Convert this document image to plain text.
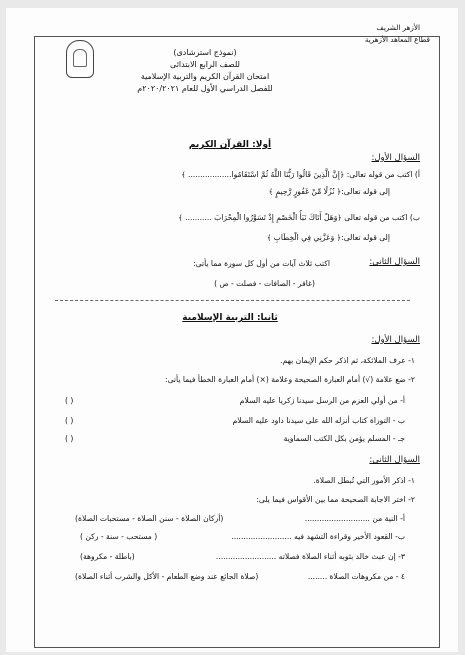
الأزهر الشريف
قطاع المعاهد الأزهرية
(نموذج استرشادى)
للصف الرابع الابتدائى
امتحان القرآن الكريم والتربية الإسلامية
للفصل الدراسي الأول للعام ٢٠٢٠/٢٠٢١م
أولا: القرآن الكريم
السؤال الأول:
أ) اكتب من قوله تعالى: ﴿إِنَّ الَّذِينَ قَالُوا رَبُّنَا اللَّهُ ثُمَّ اسْتَقَامُوا.................. ﴾
إلى قوله تعالى:﴿ نُزُلًا مِّنْ غَفُورٍ رَّحِيمٍ ﴾
ب) اكتب من قوله تعالى ﴿وَهَلْ أَتَاكَ نَبَأُ الْخَصْمِ إِذْ تَسَوَّرُوا الْمِحْرَابَ ........... ﴾
إلى قوله تعالى:﴿ وَعَزَّنِي فِي الْخِطَابِ ﴾
السؤال الثانى:
اكتب ثلاث آيات من أول كل سورة مما يأتى:
(غافر - الصافات - فصلت - ص )
ثانيا: التربية الإسلامية
السؤال الأول:
١- عرف الملائكة، ثم اذكر حكم الإيمان بهم.
٢- ضع علامة (√) أمام العبارة الصحيحة وعلامة (×) أمام العبارة الخطأ فيما يأتى:
أ- من أولي العزم من الرسل سيدنا زكريا عليه السلام
( )
ب - التوراة كتاب أنزله الله على سيدنا داود عليه السلام
( )
جـ - المسلم يؤمن بكل الكتب السماوية
( )
السؤال الثانى:
١- اذكر الأمور التي تُبطل الصلاة.
٢- اختر الاجابة الصحيحة مما بين الأقواس فيما يلى:
أ- النية من ...........................
(أركان الصلاة - سنن الصلاة - مستحبات الصلاة)
ب- القعود الأخير وقراءة التشهد فيه .........................
( مستحب - سنة - ركن )
٣- إن عبث خالد بثوبه أثناء الصلاة فصلاته .........................
(باطلة - مكروهة)
٤ - من مكروهات الصلاة ........
(صلاة الجائع عند وضع الطعام - الأكل والشرب أثناء الصلاة)
